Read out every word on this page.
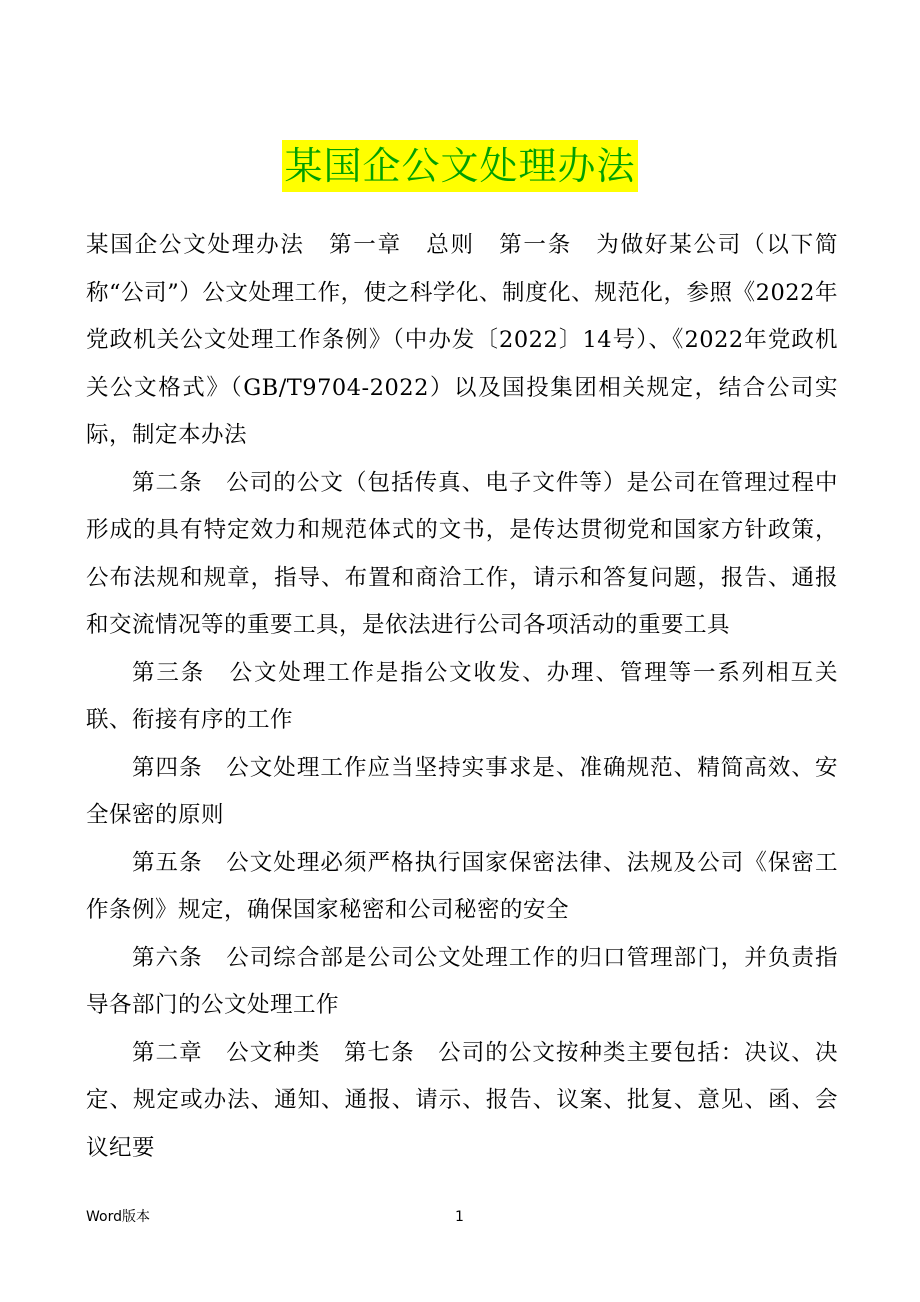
某国企公文处理办法

某国企公文处理办法　第一章　总则　第一条　为做好某公司（以下简称“公司”）公文处理工作，使之科学化、制度化、规范化，参照《2022年党政机关公文处理工作条例》（中办发〔2022〕14号）、《2022年党政机关公文格式》（GB/T9704-2022）以及国投集团相关规定，结合公司实际，制定本办法

第二条　公司的公文（包括传真、电子文件等）是公司在管理过程中形成的具有特定效力和规范体式的文书，是传达贯彻党和国家方针政策，公布法规和规章，指导、布置和商洽工作，请示和答复问题，报告、通报和交流情况等的重要工具，是依法进行公司各项活动的重要工具

第三条　公文处理工作是指公文收发、办理、管理等一系列相互关联、衔接有序的工作

第四条　公文处理工作应当坚持实事求是、准确规范、精简高效、安全保密的原则

第五条　公文处理必须严格执行国家保密法律、法规及公司《保密工作条例》规定，确保国家秘密和公司秘密的安全

第六条　公司综合部是公司公文处理工作的归口管理部门，并负责指导各部门的公文处理工作

第二章　公文种类　第七条　公司的公文按种类主要包括：决议、决定、规定或办法、通知、通报、请示、报告、议案、批复、意见、函、会议纪要

Word版本	1
